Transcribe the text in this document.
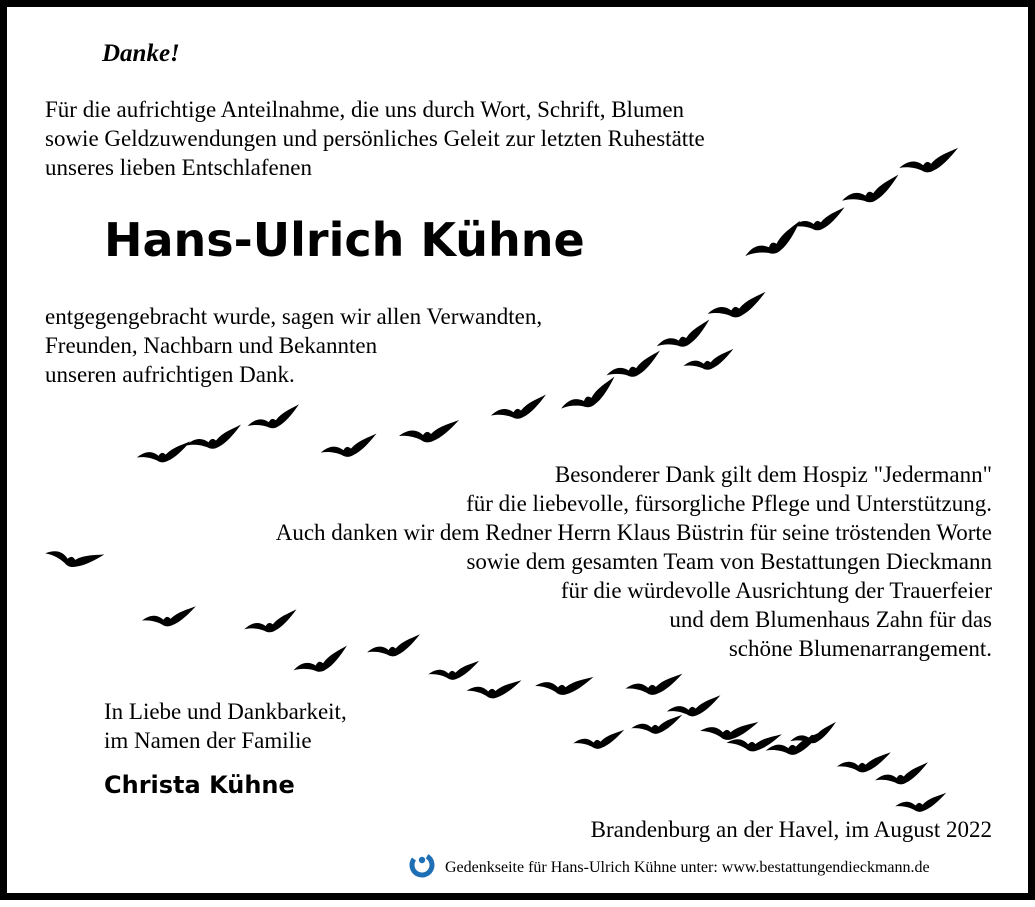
Danke!
Für die aufrichtige Anteilnahme, die uns durch Wort, Schrift, Blumen
sowie Geldzuwendungen und persönliches Geleit zur letzten Ruhestätte
unseres lieben Entschlafenen
Hans-Ulrich Kühne
entgegengebracht wurde, sagen wir allen Verwandten,
Freunden, Nachbarn und Bekannten
unseren aufrichtigen Dank.
Besonderer Dank gilt dem Hospiz "Jedermann"
für die liebevolle, fürsorgliche Pflege und Unterstützung.
Auch danken wir dem Redner Herrn Klaus Büstrin für seine tröstenden Worte
sowie dem gesamten Team von Bestattungen Dieckmann
für die würdevolle Ausrichtung der Trauerfeier
und dem Blumenhaus Zahn für das
schöne Blumenarrangement.
In Liebe und Dankbarkeit,
im Namen der Familie
Christa Kühne
Brandenburg an der Havel, im August 2022
Gedenkseite für Hans-Ulrich Kühne unter: www.bestattungendieckmann.de
